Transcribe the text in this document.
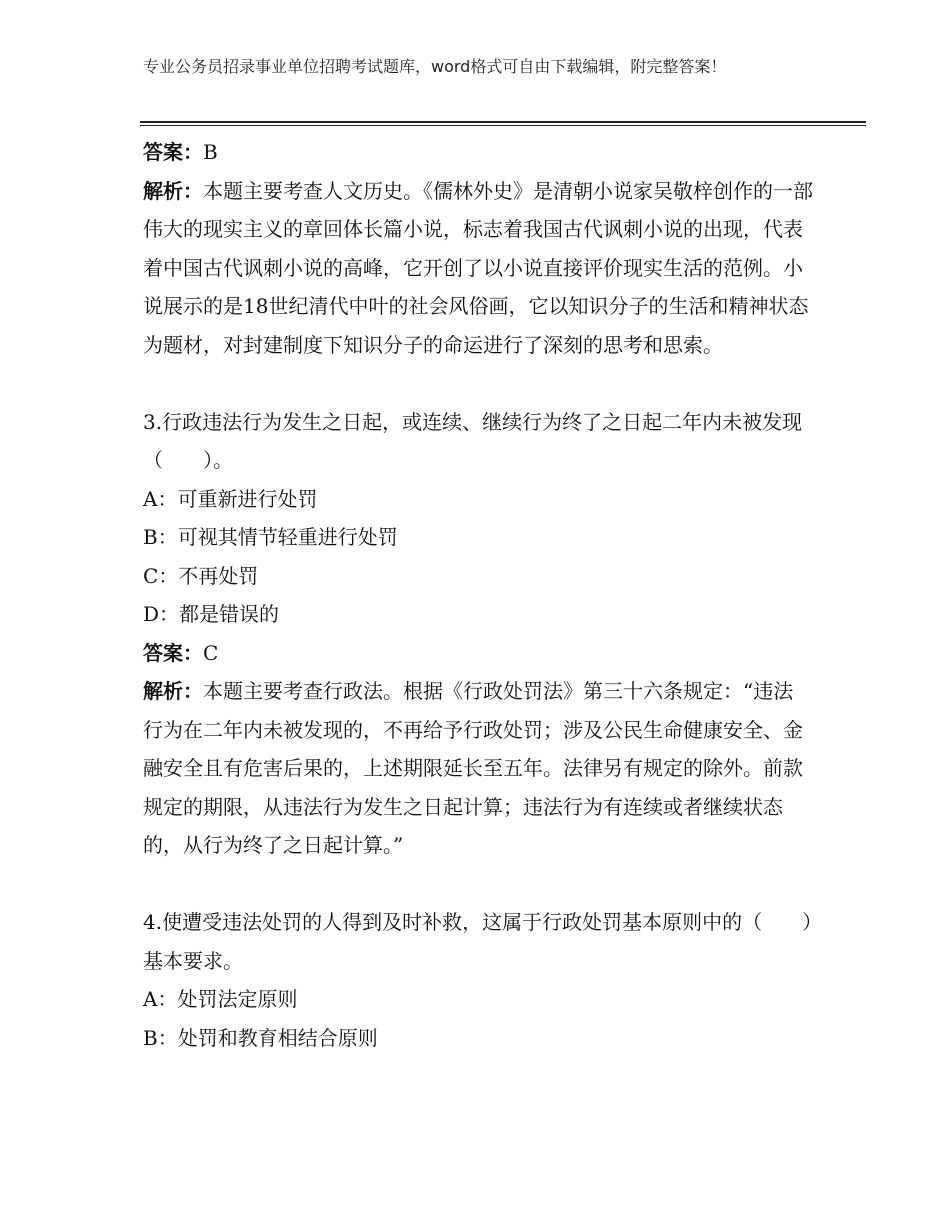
专业公务员招录事业单位招聘考试题库，word格式可自由下载编辑，附完整答案！
答案：B
解析：本题主要考查人文历史。《儒林外史》是清朝小说家吴敬梓创作的一部伟大的现实主义的章回体长篇小说，标志着我国古代讽刺小说的出现，代表着中国古代讽刺小说的高峰，它开创了以小说直接评价现实生活的范例。小说展示的是18世纪清代中叶的社会风俗画，它以知识分子的生活和精神状态为题材，对封建制度下知识分子的命运进行了深刻的思考和思索。
3.行政违法行为发生之日起，或连续、继续行为终了之日起二年内未被发现（　　）。
A：可重新进行处罚
B：可视其情节轻重进行处罚
C：不再处罚
D：都是错误的
答案：C
解析：本题主要考查行政法。根据《行政处罚法》第三十六条规定：“违法行为在二年内未被发现的，不再给予行政处罚；涉及公民生命健康安全、金融安全且有危害后果的，上述期限延长至五年。法律另有规定的除外。前款规定的期限，从违法行为发生之日起计算；违法行为有连续或者继续状态的，从行为终了之日起计算。”
4.使遭受违法处罚的人得到及时补救，这属于行政处罚基本原则中的（　　）基本要求。
A：处罚法定原则
B：处罚和教育相结合原则
